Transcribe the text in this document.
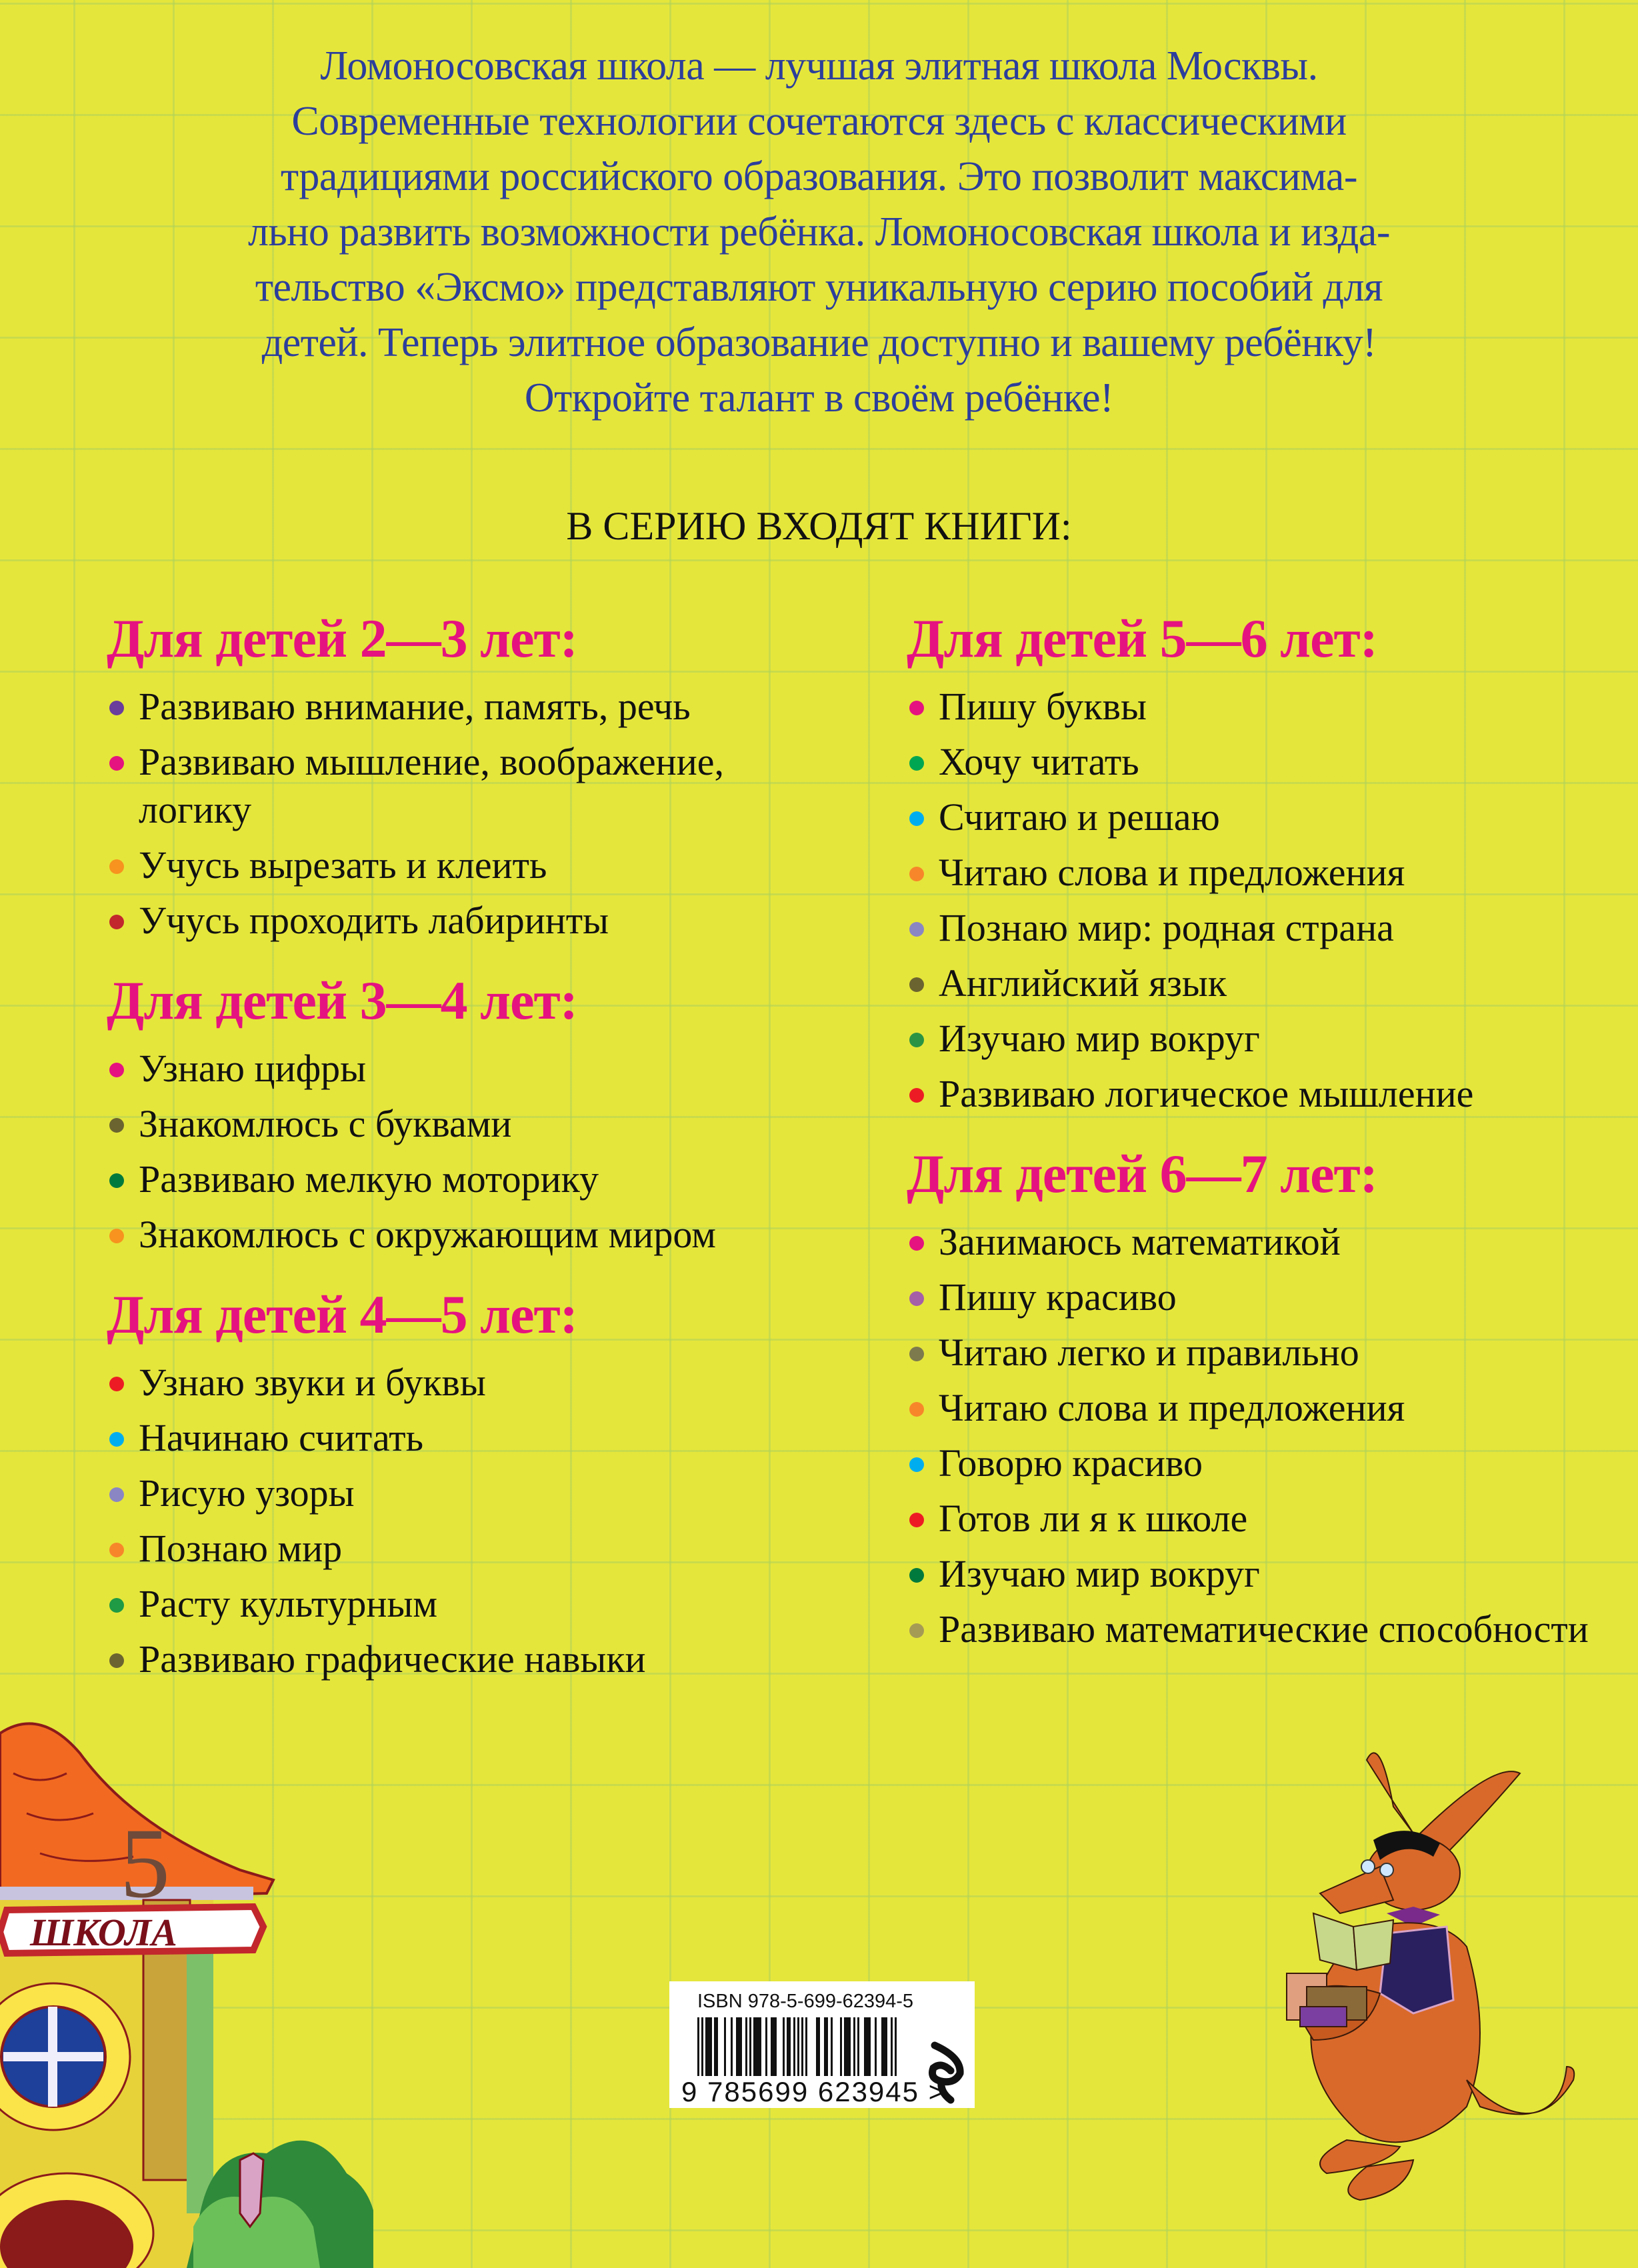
Ломоносовская школа — лучшая элитная школа Москвы.
Современные технологии сочетаются здесь с классическими
традициями российского образования. Это позволит максима-
льно развить возможности ребёнка. Ломоносовская школа и изда-
тельство «Эксмо» представляют уникальную серию пособий для
детей. Теперь элитное образование доступно и вашему ребёнку!
Откройте талант в своём ребёнке!
В СЕРИЮ ВХОДЯТ КНИГИ:
Для детей 2—3 лет:
Развиваю внимание, память, речь
Развиваю мышление, воображение, логику
Учусь вырезать и клеить
Учусь проходить лабиринты
Для детей 3—4 лет:
Узнаю цифры
Знакомлюсь с буквами
Развиваю мелкую моторику
Знакомлюсь с окружающим миром
Для детей 4—5 лет:
Узнаю звуки и буквы
Начинаю считать
Рисую узоры
Познаю мир
Расту культурным
Развиваю графические навыки
Для детей 5—6 лет:
Пишу буквы
Хочу читать
Считаю и решаю
Читаю слова и предложения
Познаю мир: родная страна
Английский язык
Изучаю мир вокруг
Развиваю логическое мышление
Для детей 6—7 лет:
Занимаюсь математикой
Пишу красиво
Читаю легко и правильно
Читаю слова и предложения
Говорю красиво
Готов ли я к школе
Изучаю мир вокруг
Развиваю математические способности
ШКОЛА
5
ISBN 978-5-699-62394-5
9 785699 623945 >
